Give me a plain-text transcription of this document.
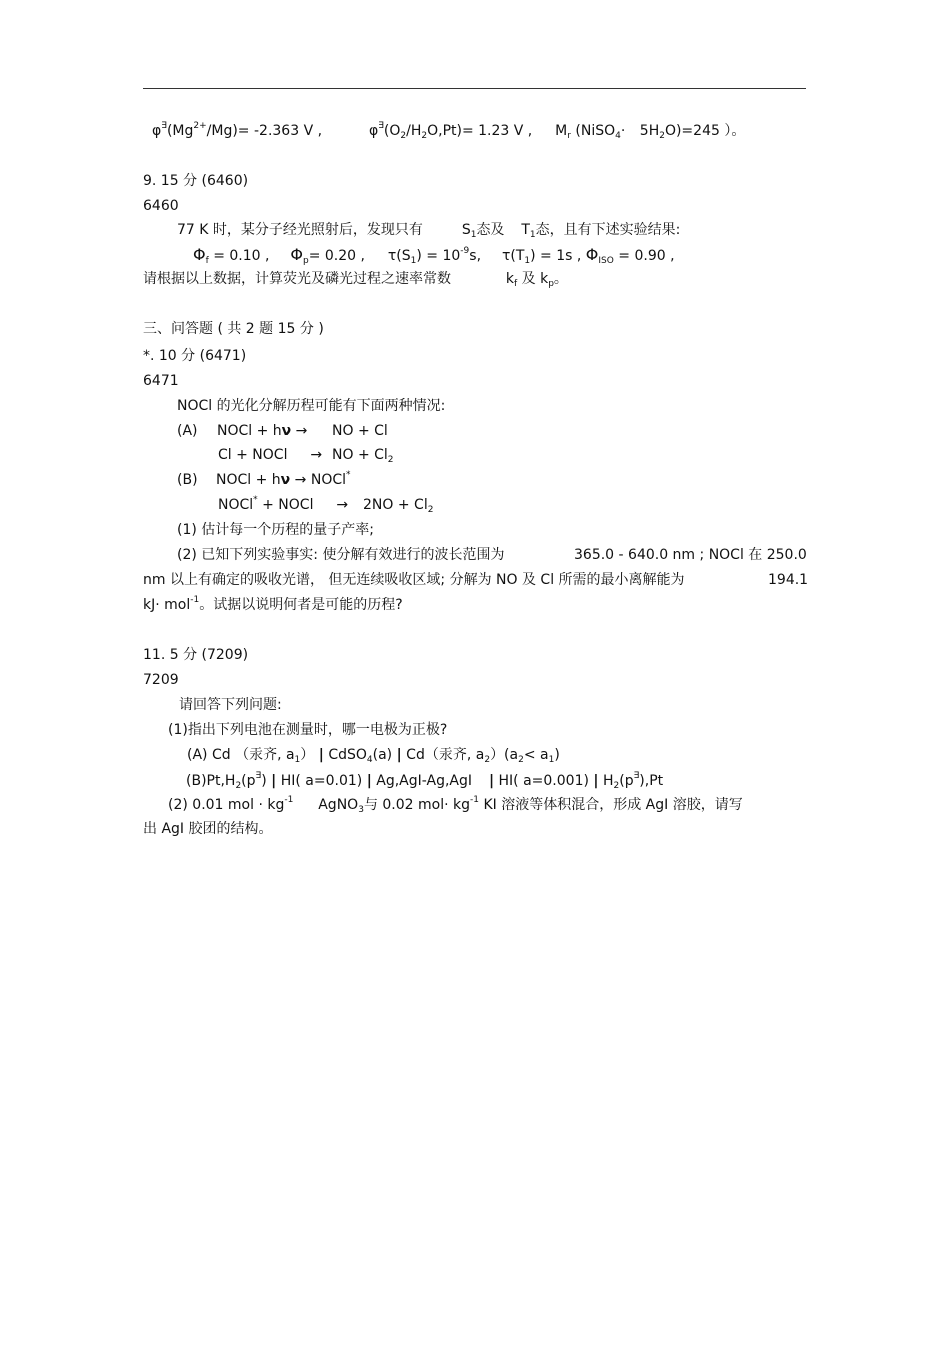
$\varphi^\exists(Mg^{2+}/Mg)= -2.363$ V ,	$\varphi^\exists(O_2/H_2O,Pt)= 1.23$ V , $M_r$ (NiSO$_4$· $5H_2O)=245$ ）。
9. 15 分 (6460)
6460
77 K 时，某分子经光照射后，发现只有	$S_1$态及 $T_1$态，且有下述实验结果:
$\Phi_f = 0.10$ , $\Phi_p= 0.20$ , $\tau(S_1) = 10^{-9}s$, $\tau(T_1) = 1s$ , $\Phi_{ISO} = 0.90$ ,
请根据以上数据，计算荧光及磷光过程之速率常数	$k_f$ 及 $k_p$。
三、问答题 ( 共 2 题 15 分 )
*. 10 分 (6471)
6471
NOCl 的光化分解历程可能有下面两种情况:
(A) NOCl + hν → NO + Cl
Cl + NOCl → NO + $Cl_2$
(B) NOCl + hν → NOCl*
NOCl* + NOCl → $2NO + Cl_2$
(1) 估计每一个历程的量子产率;
(2) 已知下列实验事实: 使分解有效进行的波长范围为	365.0 - 640.0 nm ; NOCl 在 250.0
nm 以上有确定的吸收光谱， 但无连续吸收区域; 分解为 NO 及 Cl 所需的最小离解能为	194.1
kJ· mol$^{-1}$。试据以说明何者是可能的历程?
11. 5 分 (7209)
7209
请回答下列问题:
(1)指出下列电池在测量时，哪一电极为正极?
(A) Cd （汞齐, $a_1$） | CdSO$_4$(a) | Cd（汞齐, $a_2)(a_2< a_1)$
$(B)Pt,H_2(p^\exists)$ | HI( a=0.01) | Ag,AgI-Ag,AgI | HI( a=0.001) | $H_2(p^\exists),Pt$
(2) 0.01 mol · $kg^{-1}$ AgNO$_3$与 0.02 $mol\cdot kg^{-1}$ KI 溶液等体积混合，形成 AgI 溶胶，请写
出 AgI 胶团的结构。
